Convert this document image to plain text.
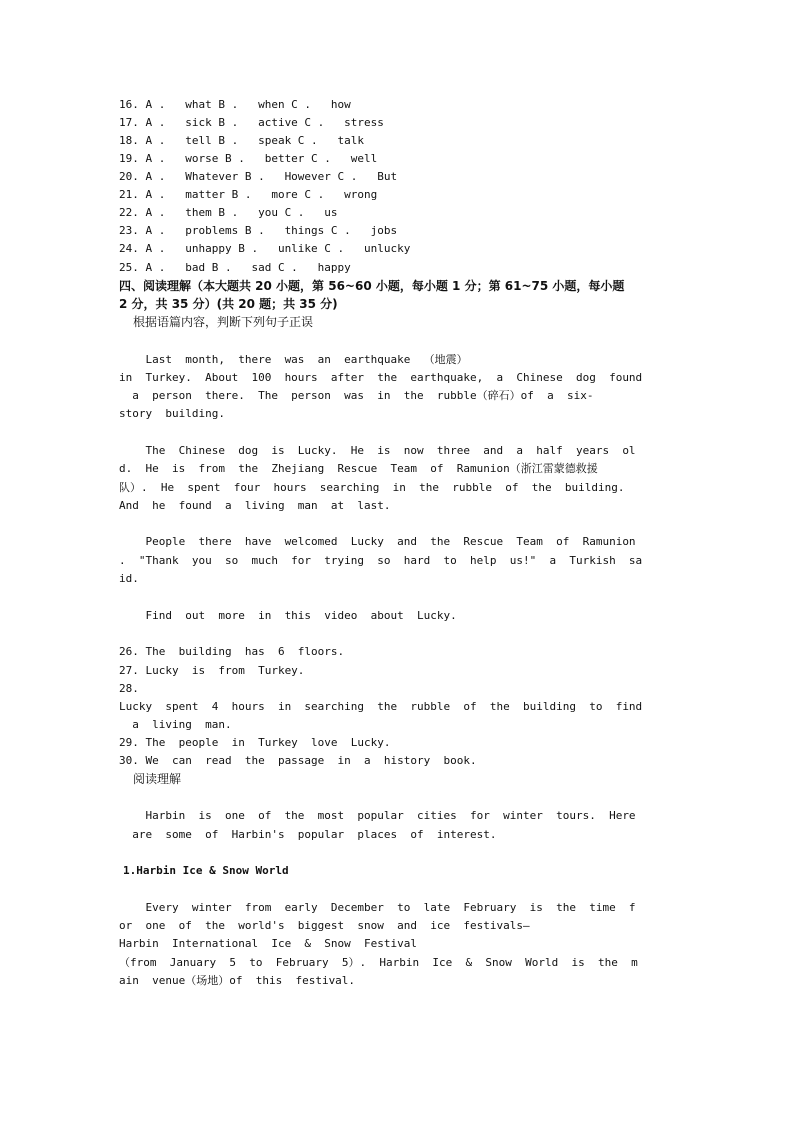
16. A .   what B .   when C .   how
17. A .   sick B .   active C .   stress
18. A .   tell B .   speak C .   talk
19. A .   worse B .   better C .   well
20. A .   Whatever B .   However C .   But
21. A .   matter B .   more C .   wrong
22. A .   them B .   you C .   us
23. A .   problems B .   things C .   jobs
24. A .   unhappy B .   unlike C .   unlucky
25. A .   bad B .   sad C .   happy
四、阅读理解（本大题共 20 小题，第 56~60 小题，每小题 1 分；第 61~75 小题，每小题
2 分，共 35 分）(共 20 题；共 35 分)
根据语篇内容，判断下列句子正误
Last  month,  there  was  an  earthquake  （地震）
in  Turkey.  About  100  hours  after  the  earthquake,  a  Chinese  dog  found
a  person  there.  The  person  was  in  the  rubble（碎石）of  a  six-
story  building.
The  Chinese  dog  is  Lucky.  He  is  now  three  and  a  half  years  ol
d.  He  is  from  the  Zhejiang  Rescue  Team  of  Ramunion（浙江雷蒙德救援
队）.  He  spent  four  hours  searching  in  the  rubble  of  the  building.
And  he  found  a  living  man  at  last.
People  there  have  welcomed  Lucky  and  the  Rescue  Team  of  Ramunion
.  "Thank  you  so  much  for  trying  so  hard  to  help  us!"  a  Turkish  sa
id.
Find  out  more  in  this  video  about  Lucky.
26. The  building  has  6  floors.
27. Lucky  is  from  Turkey.
28.
Lucky  spent  4  hours  in  searching  the  rubble  of  the  building  to  find
a  living  man.
29. The  people  in  Turkey  love  Lucky.
30. We  can  read  the  passage  in  a  history  book.
阅读理解
Harbin  is  one  of  the  most  popular  cities  for  winter  tours.  Here
are  some  of  Harbin's  popular  places  of  interest.
1.Harbin Ice & Snow World
Every  winter  from  early  December  to  late  February  is  the  time  f
or  one  of  the  world's  biggest  snow  and  ice  festivals—
Harbin  International  Ice  &  Snow  Festival
（from  January  5  to  February  5）.  Harbin  Ice  &  Snow  World  is  the  m
ain  venue（场地）of  this  festival.
